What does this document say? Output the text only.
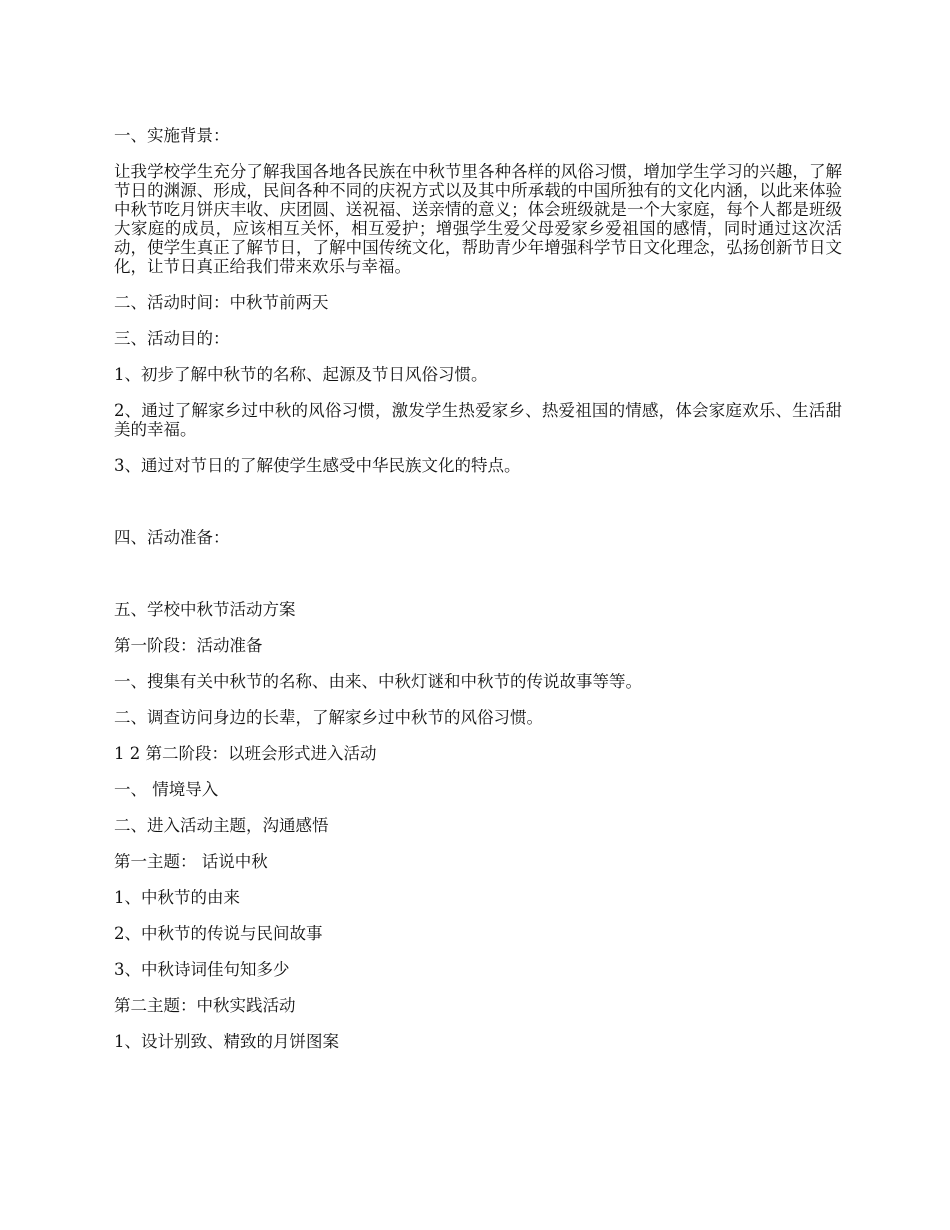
一、实施背景：

让我学校学生充分了解我国各地各民族在中秋节里各种各样的风俗习惯，增加学生学习的兴趣，了解节日的渊源、形成，民间各种不同的庆祝方式以及其中所承载的中国所独有的文化内涵，以此来体验中秋节吃月饼庆丰收、庆团圆、送祝福、送亲情的意义；体会班级就是一个大家庭，每个人都是班级大家庭的成员，应该相互关怀，相互爱护；增强学生爱父母爱家乡爱祖国的感情，同时通过这次活动，使学生真正了解节日，了解中国传统文化，帮助青少年增强科学节日文化理念，弘扬创新节日文化，让节日真正给我们带来欢乐与幸福。

二、活动时间：中秋节前两天

三、活动目的：

1、初步了解中秋节的名称、起源及节日风俗习惯。

2、通过了解家乡过中秋的风俗习惯，激发学生热爱家乡、热爱祖国的情感，体会家庭欢乐、生活甜美的幸福。

3、通过对节日的了解使学生感受中华民族文化的特点。

四、活动准备：

五、学校中秋节活动方案

第一阶段：活动准备

一、搜集有关中秋节的名称、由来、中秋灯谜和中秋节的传说故事等等。

二、调查访问身边的长辈，了解家乡过中秋节的风俗习惯。

1 2 第二阶段：以班会形式进入活动

一、 情境导入

二、进入活动主题，沟通感悟

第一主题： 话说中秋

1、中秋节的由来

2、中秋节的传说与民间故事

3、中秋诗词佳句知多少

第二主题：中秋实践活动

1、设计别致、精致的月饼图案
